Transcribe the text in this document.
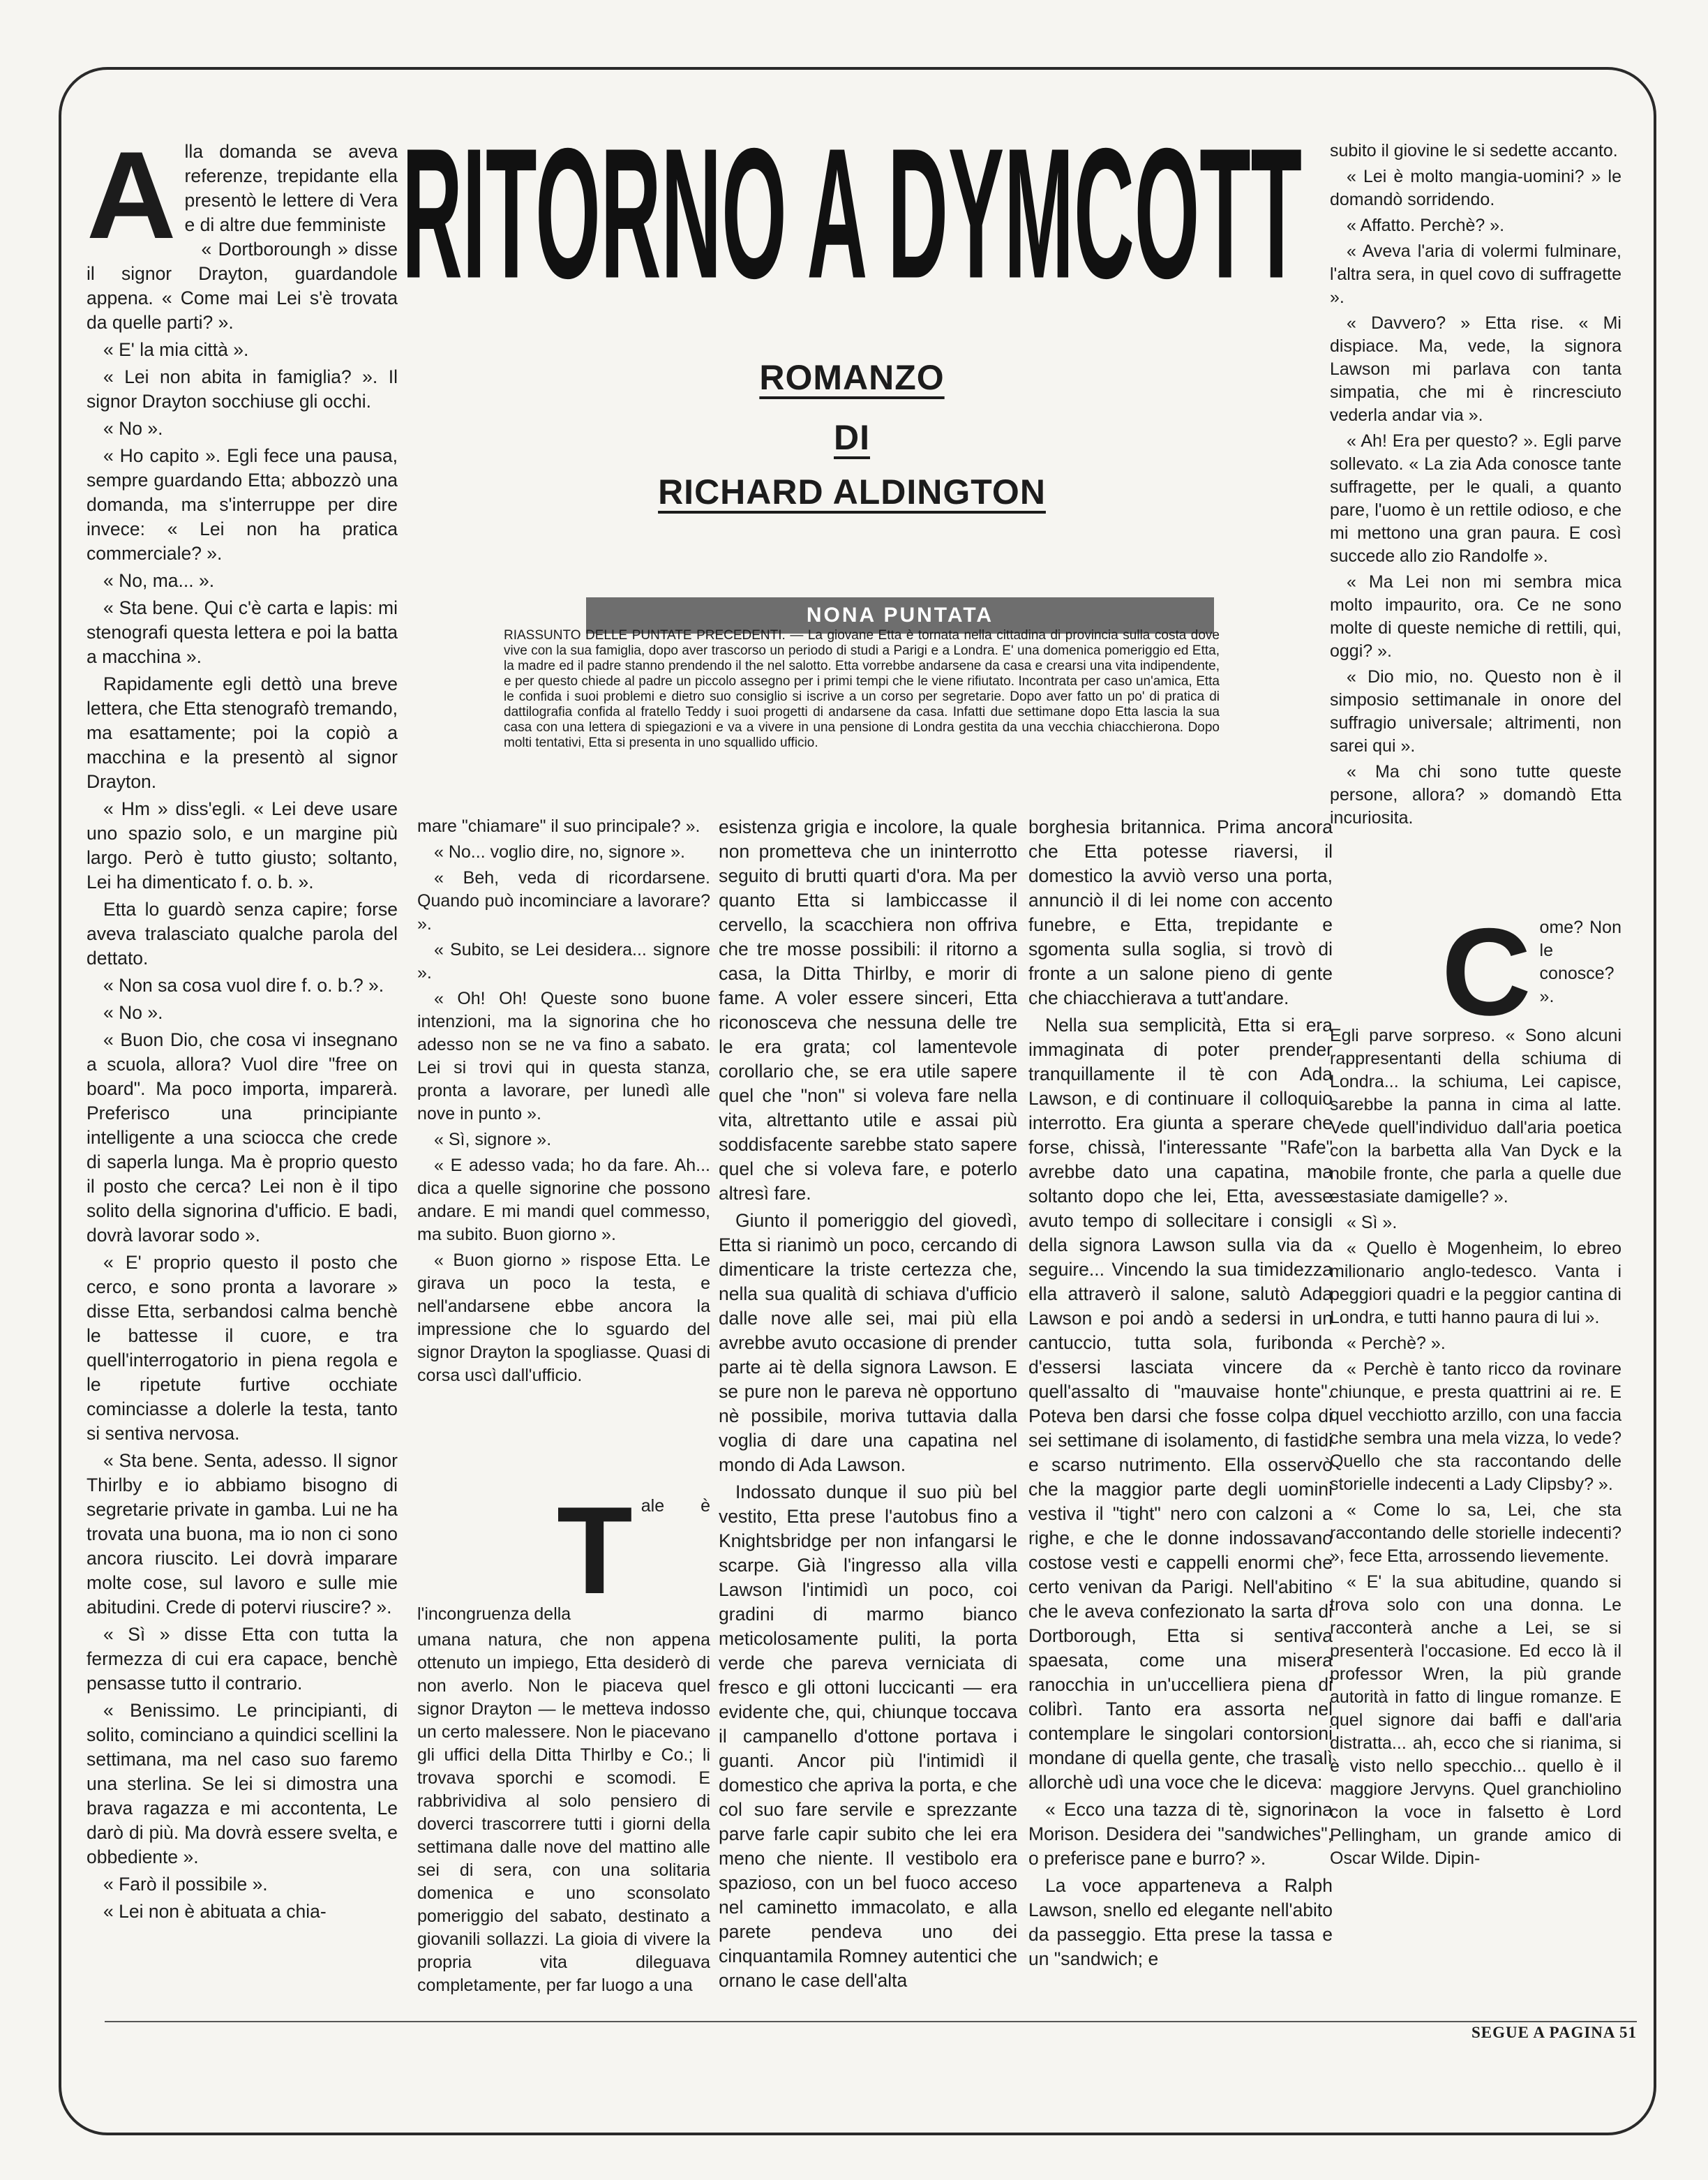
RITORNO A DYMCOTT
ROMANZO
DI
RICHARD ALDINGTON
NONA PUNTATA
RIASSUNTO DELLE PUNTATE PRECEDENTI. — La giovane Etta è tornata nella cittadina di provincia sulla costa dove vive con la sua famiglia, dopo aver trascorso un periodo di studi a Parigi e a Londra. E' una domenica pomeriggio ed Etta, la madre ed il padre stanno prendendo il the nel salotto. Etta vorrebbe andarsene da casa e crearsi una vita indipendente, e per questo chiede al padre un piccolo assegno per i primi tempi che le viene rifiutato. Incontrata per caso un'amica, Etta le confida i suoi problemi e dietro suo consiglio si iscrive a un corso per segretarie. Dopo aver fatto un po' di pratica di dattilografia confida al fratello Teddy i suoi progetti di andarsene da casa. Infatti due settimane dopo Etta lascia la sua casa con una lettera di spiegazioni e va a vivere in una pensione di Londra gestita da una vecchia chiacchierona. Dopo molti tentativi, Etta si presenta in uno squallido ufficio.
A lla domanda se aveva referenze, trepidante ella presentò le lettere di Vera e di altre due femministe

« Dortboroungh » disse il signor Drayton, guardandole appena. « Come mai Lei s'è trovata da quelle parti? ».

« E' la mia città ».

« Lei non abita in famiglia? ». Il signor Drayton socchiuse gli occhi.

« No ».

« Ho capito ». Egli fece una pausa, sempre guardando Etta; abbozzò una domanda, ma s'interruppe per dire invece: « Lei non ha pratica commerciale? ».

« No, ma... ».

« Sta bene. Qui c'è carta e lapis: mi stenografi questa lettera e poi la batta a macchina ».

Rapidamente egli dettò una breve lettera, che Etta stenografò tremando, ma esattamente; poi la copiò a macchina e la presentò al signor Drayton.

« Hm » diss'egli. « Lei deve usare uno spazio solo, e un margine più largo. Però è tutto giusto; soltanto, Lei ha dimenticato f. o. b. ».

Etta lo guardò senza capire; forse aveva tralasciato qualche parola del dettato.

« Non sa cosa vuol dire f. o. b.? ».

« No ».

« Buon Dio, che cosa vi insegnano a scuola, allora? Vuol dire "free on board". Ma poco importa, imparerà. Preferisco una principiante intelligente a una sciocca che crede di saperla lunga. Ma è proprio questo il posto che cerca? Lei non è il tipo solito della signorina d'ufficio. E badi, dovrà lavorar sodo ».

« E' proprio questo il posto che cerco, e sono pronta a lavorare » disse Etta, serbandosi calma benchè le battesse il cuore, e tra quell'interrogatorio in piena regola e le ripetute furtive occhiate cominciasse a dolerle la testa, tanto si sentiva nervosa.

« Sta bene. Senta, adesso. Il signor Thirlby e io abbiamo bisogno di segretarie private in gamba. Lui ne ha trovata una buona, ma io non ci sono ancora riuscito. Lei dovrà imparare molte cose, sul lavoro e sulle mie abitudini. Crede di potervi riuscire? ».

« Sì » disse Etta con tutta la fermezza di cui era capace, benchè pensasse tutto il contrario.

« Benissimo. Le principianti, di solito, cominciano a quindici scellini la settimana, ma nel caso suo faremo una sterlina. Se lei si dimostra una brava ragazza e mi accontenta, Le darò di più. Ma dovrà essere svelta, e obbediente ».

« Farò il possibile ».

« Lei non è abituata a chia-

mare "chiamare" il suo principale? ».

« No... voglio dire, no, signore ».

« Beh, veda di ricordarsene. Quando può incominciare a lavorare? ».

« Subito, se Lei desidera... signore ».

« Oh! Oh! Queste sono buone intenzioni, ma la signorina che ho adesso non se ne va fino a sabato. Lei si trovi qui in questa stanza, pronta a lavorare, per lunedì alle nove in punto ».

« Sì, signore ».

« E adesso vada; ho da fare. Ah... dica a quelle signorine che possono andare. E mi mandi quel commesso, ma subito. Buon giorno ».

« Buon giorno » rispose Etta. Le girava un poco la testa, e nell'andarsene ebbe ancora la impressione che lo sguardo del signor Drayton la spogliasse. Quasi di corsa uscì dall'ufficio.

Tale è l'incongruenza della

umana natura, che non appena ottenuto un impiego, Etta desiderò di non averlo. Non le piaceva quel signor Drayton — le metteva indosso un certo malessere. Non le piacevano gli uffici della Ditta Thirlby e Co.; li trovava sporchi e scomodi. E rabbrividiva al solo pensiero di doverci trascorrere tutti i giorni della settimana dalle nove del mattino alle sei di sera, con una solitaria domenica e uno sconsolato pomeriggio del sabato, destinato a giovanili sollazzi. La gioia di vivere la propria vita dileguava completamente, per far luogo a una

esistenza grigia e incolore, la quale non prometteva che un ininterrotto seguito di brutti quarti d'ora. Ma per quanto Etta si lambiccasse il cervello, la scacchiera non offriva che tre mosse possibili: il ritorno a casa, la Ditta Thirlby, e morir di fame. A voler essere sinceri, Etta riconosceva che nessuna delle tre le era grata; col lamentevole corollario che, se era utile sapere quel che "non" si voleva fare nella vita, altrettanto utile e assai più soddisfacente sarebbe stato sapere quel che si voleva fare, e poterlo altresì fare.

Giunto il pomeriggio del giovedì, Etta si rianimò un poco, cercando di dimenticare la triste certezza che, nella sua qualità di schiava d'ufficio dalle nove alle sei, mai più ella avrebbe avuto occasione di prender parte ai tè della signora Lawson. E se pure non le pareva nè opportuno nè possibile, moriva tuttavia dalla voglia di dare una capatina nel mondo di Ada Lawson.

Indossato dunque il suo più bel vestito, Etta prese l'autobus fino a Knightsbridge per non infangarsi le scarpe. Già l'ingresso alla villa Lawson l'intimidì un poco, coi gradini di marmo bianco meticolosamente puliti, la porta verde che pareva verniciata di fresco e gli ottoni luccicanti — era evidente che, qui, chiunque toccava il campanello d'ottone portava i guanti. Ancor più l'intimidì il domestico che apriva la porta, e che col suo fare servile e sprezzante parve farle capir subito che lei era meno che niente. Il vestibolo era spazioso, con un bel fuoco acceso nel caminetto immacolato, e alla parete pendeva uno dei cinquantamila Romney autentici che ornano le case dell'alta

borghesia britannica. Prima ancora che Etta potesse riaversi, il domestico la avviò verso una porta, annunciò il di lei nome con accento funebre, e Etta, trepidante e sgomenta sulla soglia, si trovò di fronte a un salone pieno di gente che chiacchierava a tutt'andare.

Nella sua semplicità, Etta si era immaginata di poter prender tranquillamente il tè con Ada Lawson, e di continuare il colloquio interrotto. Era giunta a sperare che forse, chissà, l'interessante "Rafe" avrebbe dato una capatina, ma soltanto dopo che lei, Etta, avesse avuto tempo di sollecitare i consigli della signora Lawson sulla via da seguire... Vincendo la sua timidezza ella attraverò il salone, salutò Ada Lawson e poi andò a sedersi in un cantuccio, tutta sola, furibonda d'essersi lasciata vincere da quell'assalto di "mauvaise honte". Poteva ben darsi che fosse colpa di sei settimane di isolamento, di fastidi e scarso nutrimento. Ella osservò che la maggior parte degli uomini vestiva il "tight" nero con calzoni a righe, e che le donne indossavano costose vesti e cappelli enormi che certo venivan da Parigi. Nell'abitino che le aveva confezionato la sarta di Dortborough, Etta si sentiva spaesata, come una misera ranocchia in un'uccelliera piena di colibrì. Tanto era assorta nel contemplare le singolari contorsioni mondane di quella gente, che trasalì allorchè udì una voce che le diceva:

« Ecco una tazza di tè, signorina Morison. Desidera dei "sandwiches", o preferisce pane e burro? ».

La voce apparteneva a Ralph Lawson, snello ed elegante nell'abito da passeggio. Etta prese la tassa e un "sandwich; e

subito il giovine le si sedette accanto.

« Lei è molto mangia-uomini? » le domandò sorridendo.

« Affatto. Perchè? ».

« Aveva l'aria di volermi fulminare, l'altra sera, in quel covo di suffragette ».

« Davvero? » Etta rise. « Mi dispiace. Ma, vede, la signora Lawson mi parlava con tanta simpatia, che mi è rincresciuto vederla andar via ».

« Ah! Era per questo? ». Egli parve sollevato. « La zia Ada conosce tante suffragette, per le quali, a quanto pare, l'uomo è un rettile odioso, e che mi mettono una gran paura. E così succede allo zio Randolfe ».

« Ma Lei non mi sembra mica molto impaurito, ora. Ce ne sono molte di queste nemiche di rettili, qui, oggi? ».

« Dio mio, no. Questo non è il simposio settimanale in onore del suffragio universale; altrimenti, non sarei qui ».

« Ma chi sono tutte queste persone, allora? » domandò Etta incuriosita.

Come? Non le conosce? ».

Egli parve sorpreso. « Sono alcuni rappresentanti della schiuma di Londra... la schiuma, Lei capisce, sarebbe la panna in cima al latte. Vede quell'individuo dall'aria poetica con la barbetta alla Van Dyck e la nobile fronte, che parla a quelle due estasiate damigelle? ».

« Sì ».

« Quello è Mogenheim, lo ebreo milionario anglo-tedesco. Vanta i peggiori quadri e la peggior cantina di Londra, e tutti hanno paura di lui ».

« Perchè? ».

« Perchè è tanto ricco da rovinare chiunque, e presta quattrini ai re. E quel vecchiotto arzillo, con una faccia che sembra una mela vizza, lo vede? Quello che sta raccontando delle storielle indecenti a Lady Clipsby? ».

« Come lo sa, Lei, che sta raccontando delle storielle indecenti? », fece Etta, arrossendo lievemente.

« E' la sua abitudine, quando si trova solo con una donna. Le racconterà anche a Lei, se si presenterà l'occasione. Ed ecco là il professor Wren, la più grande autorità in fatto di lingue romanze. E quel signore dai baffi e dall'aria distratta... ah, ecco che si rianima, si è visto nello specchio... quello è il maggiore Jervyns. Quel granchiolino con la voce in falsetto è Lord Pellingham, un grande amico di Oscar Wilde. Dipin-

SEGUE A PAGINA 51
